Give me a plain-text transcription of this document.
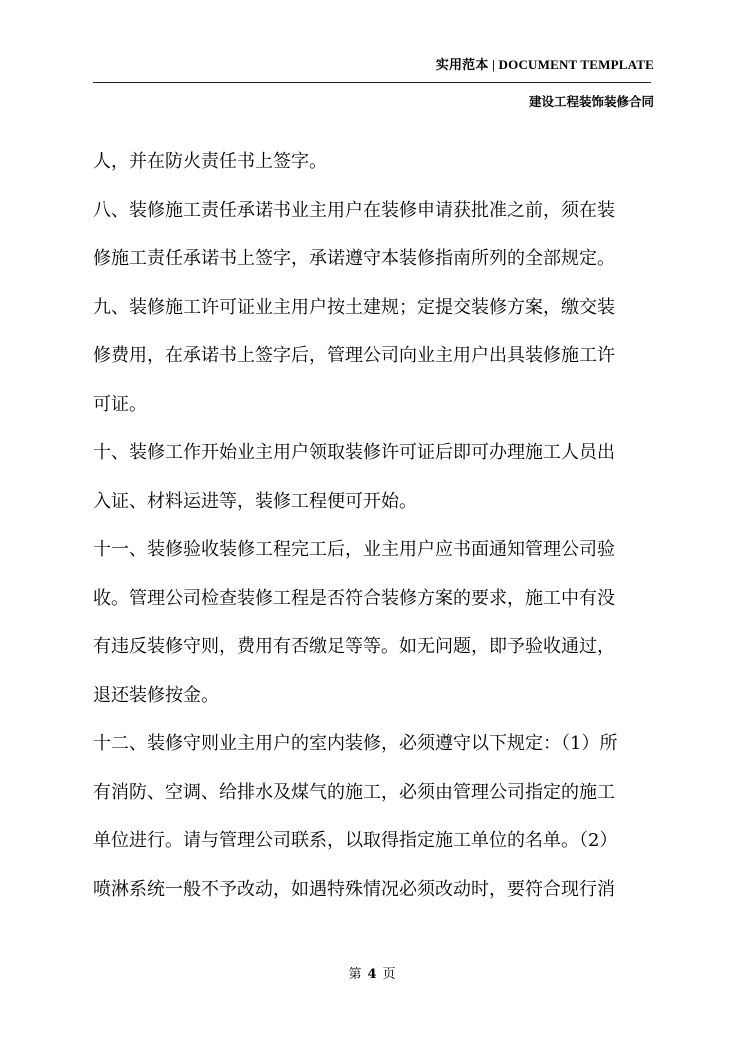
实用范本 | DOCUMENT TEMPLATE
建设工程装饰装修合同
人，并在防火责任书上签字。
八、装修施工责任承诺书业主用户在装修申请获批准之前，须在装
修施工责任承诺书上签字，承诺遵守本装修指南所列的全部规定。
九、装修施工许可证业主用户按土建规；定提交装修方案，缴交装
修费用，在承诺书上签字后，管理公司向业主用户出具装修施工许
可证。
十、装修工作开始业主用户领取装修许可证后即可办理施工人员出
入证、材料运进等，装修工程便可开始。
十一、装修验收装修工程完工后，业主用户应书面通知管理公司验
收。管理公司检查装修工程是否符合装修方案的要求，施工中有没
有违反装修守则，费用有否缴足等等。如无问题，即予验收通过，
退还装修按金。
十二、装修守则业主用户的室内装修，必须遵守以下规定：（1）所
有消防、空调、给排水及煤气的施工，必须由管理公司指定的施工
单位进行。请与管理公司联系，以取得指定施工单位的名单。（2）
喷淋系统一般不予改动，如遇特殊情况必须改动时，要符合现行消
第 4 页
